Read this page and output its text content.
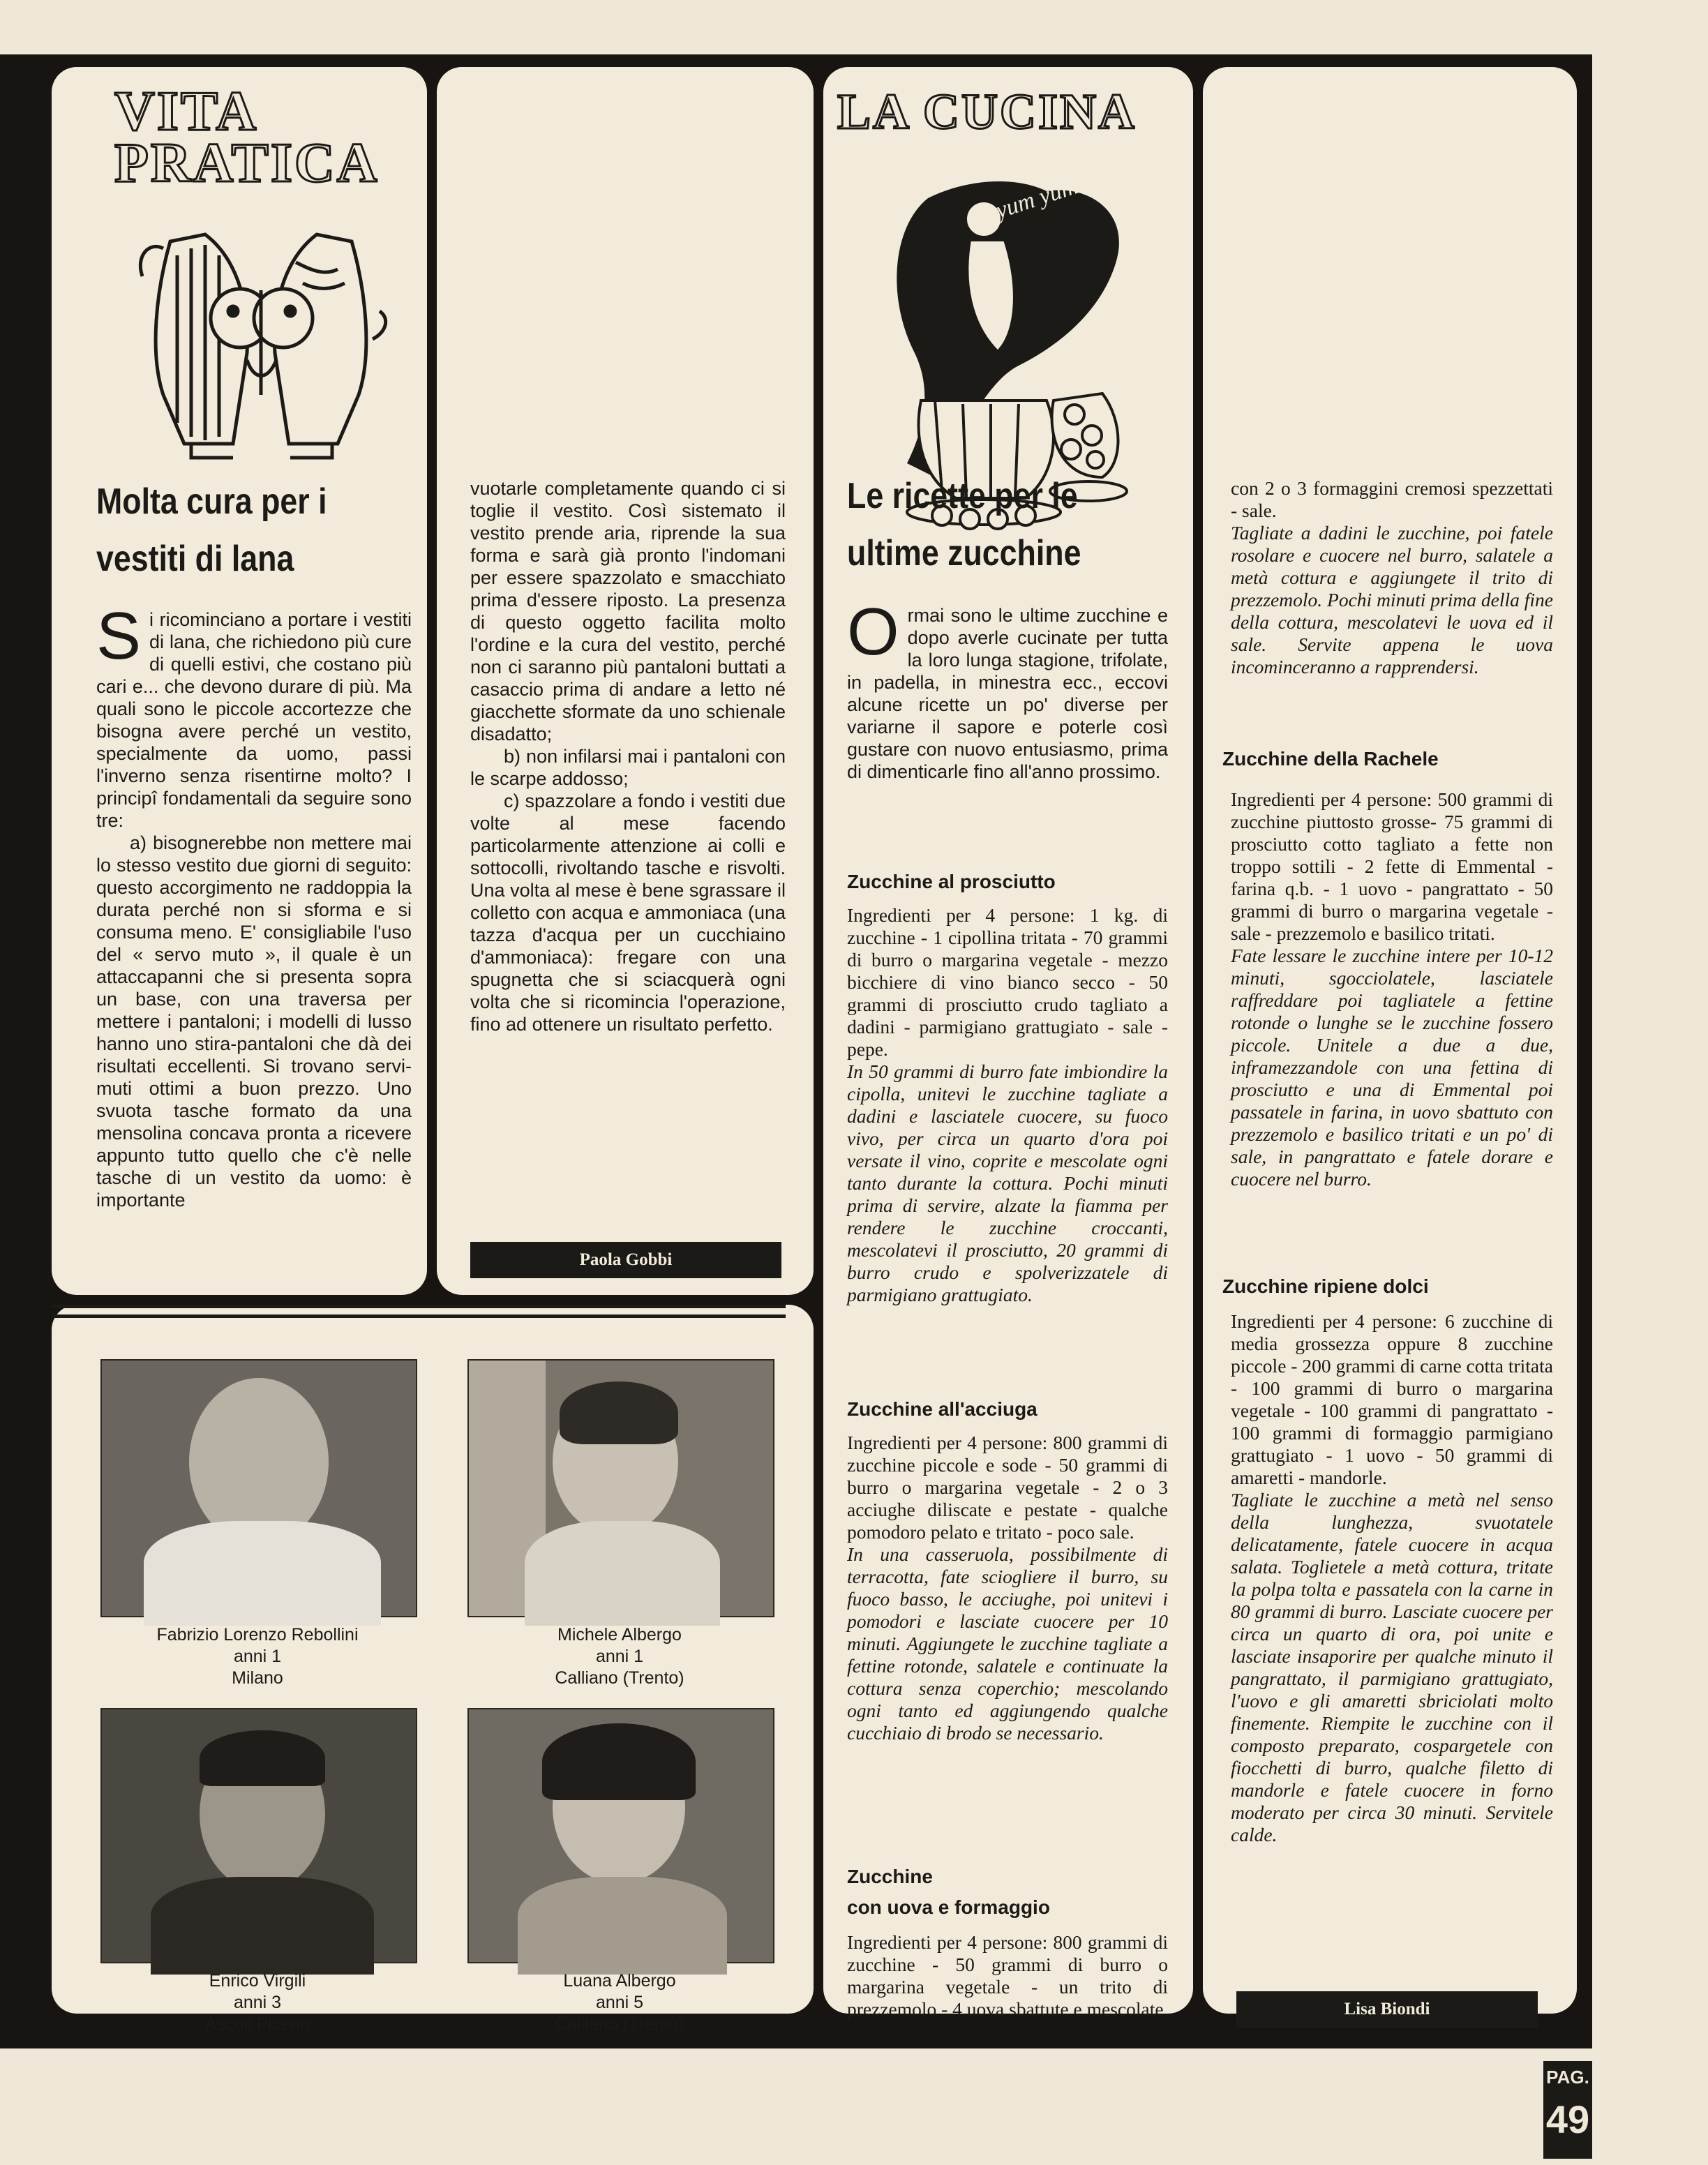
VITA
PRATICA

Molta cura per i

vestiti di lana

Si ricominciano a portare i vestiti di lana, che richiedono più cure di quelli estivi, che costano più cari e... che devono durare di più. Ma quali sono le piccole accortezze che bisogna avere perché un vestito, specialmente da uomo, passi l'inverno senza risentirne molto? I principî fondamentali da seguire sono tre:

a) bisognerebbe non mettere mai lo stesso vestito due giorni di seguito: questo accorgimento ne raddoppia la durata perché non si sforma e si consuma meno. E' consigliabile l'uso del « servo muto », il quale è un attaccapanni che si presenta sopra un base, con una traversa per mettere i pantaloni; i modelli di lusso hanno uno stira-pantaloni che dà dei risultati eccellenti. Si trovano servi-muti ottimi a buon prezzo. Uno svuota tasche formato da una mensolina concava pronta a ricevere appunto tutto quello che c'è nelle tasche di un vestito da uomo: è importante

vuotarle completamente quando ci si toglie il vestito. Così sistemato il vestito prende aria, riprende la sua forma e sarà già pronto l'indomani per essere spazzolato e smacchiato prima d'essere riposto. La presenza di questo oggetto facilita molto l'ordine e la cura del vestito, perché non ci saranno più pantaloni buttati a casaccio prima di andare a letto né giacchette sformate da uno schienale disadatto;

b) non infilarsi mai i pantaloni con le scarpe addosso;

c) spazzolare a fondo i vestiti due volte al mese facendo particolarmente attenzione ai colli e sottocolli, rivoltando tasche e risvolti. Una volta al mese è bene sgrassare il colletto con acqua e ammoniaca (una tazza d'acqua per un cucchiaino d'ammoniaca): fregare con una spugnetta che si sciacquerà ogni volta che si ricomincia l'operazione, fino ad ottenere un risultato perfetto.

Paola Gobbi

Fabrizio Lorenzo Rebollini
anni 1
Milano

Michele Albergo
anni 1
Calliano (Trento)

Enrico Virgili
anni 3
Ascoli Piceno

Luana Albergo
anni 5
Calliano (Trento)

LA CUCINA
yum yum

Le ricette per le

ultime zucchine

Ormai sono le ultime zucchine e dopo averle cucinate per tutta la loro lunga stagione, trifolate, in padella, in minestra ecc., eccovi alcune ricette un po' diverse per variarne il sapore e poterle così gustare con nuovo entusiasmo, prima di dimenticarle fino all'anno prossimo.

Zucchine al prosciutto

Ingredienti per 4 persone: 1 kg. di zucchine - 1 cipollina tritata - 70 grammi di burro o margarina vegetale - mezzo bicchiere di vino bianco secco - 50 grammi di prosciutto crudo tagliato a dadini - parmigiano grattugiato - sale - pepe.

In 50 grammi di burro fate imbiondire la cipolla, unitevi le zucchine tagliate a dadini e lasciatele cuocere, su fuoco vivo, per circa un quarto d'ora poi versate il vino, coprite e mescolate ogni tanto durante la cottura. Pochi minuti prima di servire, alzate la fiamma per rendere le zucchine croccanti, mescolatevi il prosciutto, 20 grammi di burro crudo e spolverizzatele di parmigiano grattugiato.

Zucchine all'acciuga

Ingredienti per 4 persone: 800 grammi di zucchine piccole e sode - 50 grammi di burro o margarina vegetale - 2 o 3 acciughe diliscate e pestate - qualche pomodoro pelato e tritato - poco sale.

In una casseruola, possibilmente di terracotta, fate sciogliere il burro, su fuoco basso, le acciughe, poi unitevi i pomodori e lasciate cuocere per 10 minuti. Aggiungete le zucchine tagliate a fettine rotonde, salatele e continuate la cottura senza coperchio; mescolando ogni tanto ed aggiungendo qualche cucchiaio di brodo se necessario.

Zucchine

con uova e formaggio

Ingredienti per 4 persone: 800 grammi di zucchine - 50 grammi di burro o margarina vegetale - un trito di prezzemolo - 4 uova sbattute e mescolate

con 2 o 3 formaggini cremosi spezzettati - sale.

Tagliate a dadini le zucchine, poi fatele rosolare e cuocere nel burro, salatele a metà cottura e aggiungete il trito di prezzemolo. Pochi minuti prima della fine della cottura, mescolatevi le uova ed il sale. Servite appena le uova incominceranno a rapprendersi.

Zucchine della Rachele

Ingredienti per 4 persone: 500 grammi di zucchine piuttosto grosse- 75 grammi di prosciutto cotto tagliato a fette non troppo sottili - 2 fette di Emmental - farina q.b. - 1 uovo - pangrattato - 50 grammi di burro o margarina vegetale - sale - prezzemolo e basilico tritati.

Fate lessare le zucchine intere per 10-12 minuti, sgocciolatele, lasciatele raffreddare poi tagliatele a fettine rotonde o lunghe se le zucchine fossero piccole. Unitele a due a due, inframezzandole con una fettina di prosciutto e una di Emmental poi passatele in farina, in uovo sbattuto con prezzemolo e basilico tritati e un po' di sale, in pangrattato e fatele dorare e cuocere nel burro.

Zucchine ripiene dolci

Ingredienti per 4 persone: 6 zucchine di media grossezza oppure 8 zucchine piccole - 200 grammi di carne cotta tritata - 100 grammi di burro o margarina vegetale - 100 grammi di pangrattato - 100 grammi di formaggio parmigiano grattugiato - 1 uovo - 50 grammi di amaretti - mandorle.

Tagliate le zucchine a metà nel senso della lunghezza, svuotatele delicatamente, fatele cuocere in acqua salata. Toglietele a metà cottura, tritate la polpa tolta e passatela con la carne in 80 grammi di burro. Lasciate cuocere per circa un quarto di ora, poi unite e lasciate insaporire per qualche minuto il pangrattato, il parmigiano grattugiato, l'uovo e gli amaretti sbriciolati molto finemente. Riempite le zucchine con il composto preparato, cospargetele con fiocchetti di burro, qualche filetto di mandorle e fatele cuocere in forno moderato per circa 30 minuti. Servitele calde.

Lisa Biondi
PAG.
49
